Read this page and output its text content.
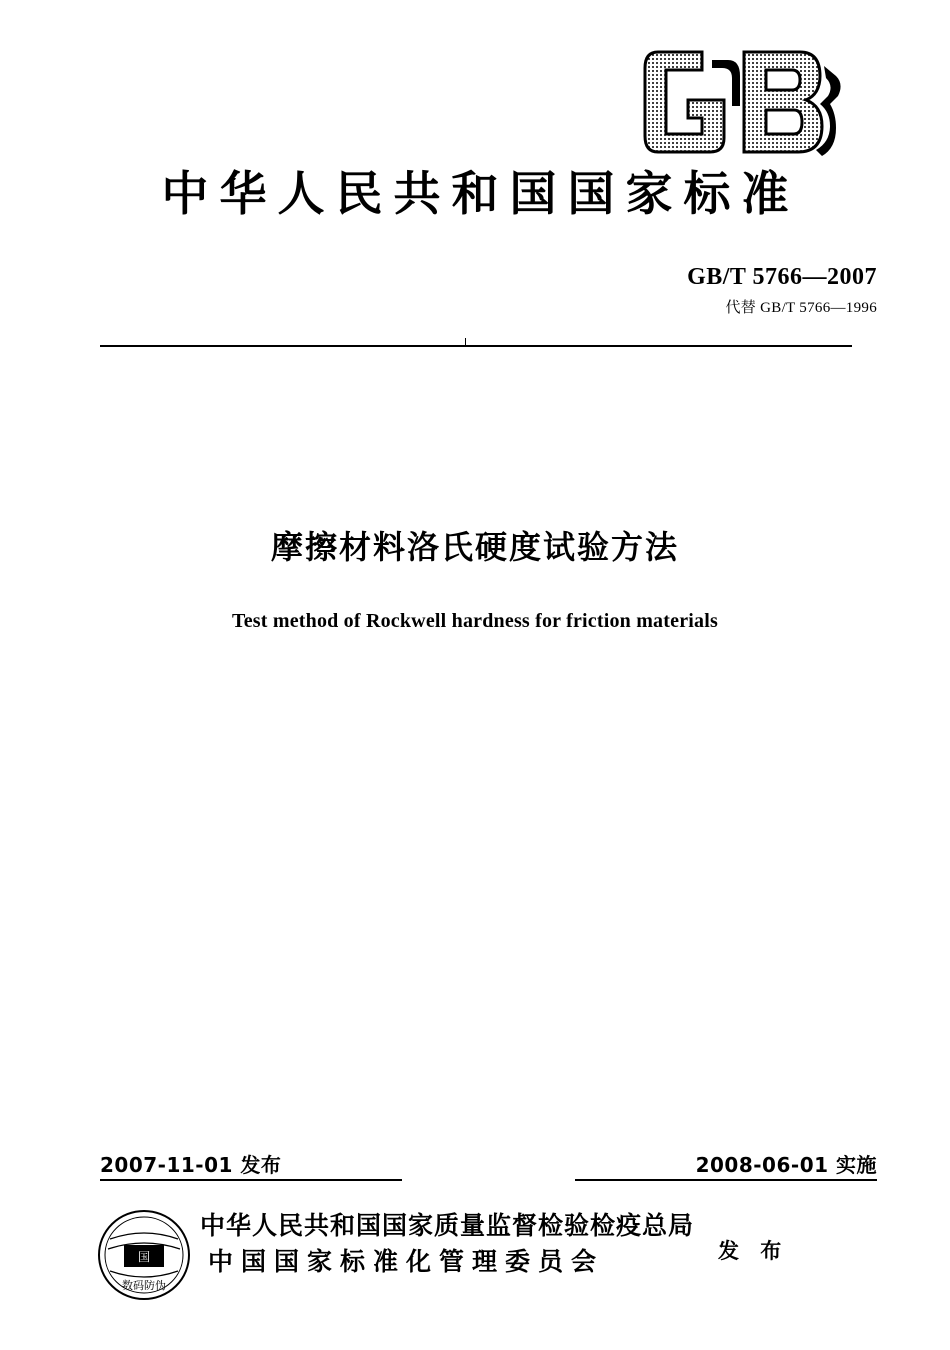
中华人民共和国国家标准
GB/T 5766—2007
代替 GB/T 5766—1996
摩擦材料洛氏硬度试验方法
Test method of Rockwell hardness for friction materials
2007-11-01 发布	2008-06-01 实施
国
数码防伪
中华人民共和国国家质量监督检验检疫总局
中国国家标准化管理委员会	发 布
